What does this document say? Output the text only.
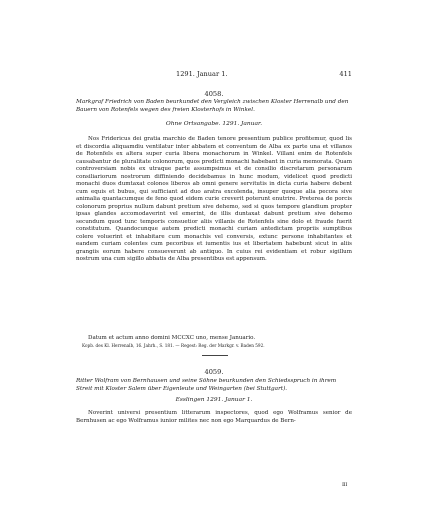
1291. Januar 1.	411
4058.
Markgraf Friedrich von Baden beurkundet den Vergleich zwischen Kloster Herrenalb und den Bauern von Rotenfels wegen des freien Klosterhofs in Winkel.
Ohne Ortsangabe. 1291. Januar.

Nos Fridericus dei gratia marchio de Baden tenore presentium publice profitemur, quod lis et discordia aliquamdiu ventilatur inter abbatem et conventum de Alba ex parte una et villanos de Rotenfels ex altera super curia libera monachorum in Winkel. Villani enim de Rotenfels causabantur de pluralitate colonorum, quos predicti monachi habebant in curia memorata. Quam controversiam nobis ex utraque parte assumpsimus et de consilio discretarum personarum consiliariorum nostrorum diffiniendo decidebamus in hunc modum, videlicet quod predicti monachi duos dumtaxat colonos liberos ab omni genere servitutis in dicta curia habere debent cum equis et bubus, qui sufficiant ad duo aratra excolenda, insuper quoque alia pecora sive animalia quantacumque de feno quod eidem curie creverit poterunt enutrire. Preterea de porcis colonorum proprius nullum dabunt pretium sive dehemo, sed si quos tempore glandium propter ipsas glandes accomodaverint vel emerint, de illis duntaxat dabunt pretium sive dehemo secundum quod tunc temporis consuetior aliis villanis de Rotenfels sine dolo et fraude fuerit constitutum. Quandocunque autem predicti monachi curiam antedictam propriis sumptibus colere voluerint et inhabitare cum monachis vel conversis, extunc persone inhabitantes et eandem curiam colentes cum pecoribus et iumentis ius et libertatem habebunt sicut in aliis grangiis eorum habere consueverunt ab antiquo. In cuius rei evidentiam et robur sigillum nostrum una cum sigillo abbatis de Alba presentibus est appensum.

Datum et actum anno domini MCCXC uno, mense Januario.
Kopb. des Kl. Herrenalb, 16. Jahrh., S. 181. — Regest: Reg. der Markgr. v. Baden 592.
4059.
Ritter Wolfram von Bernhausen und seine Söhne beurkunden den Schiedsspruch in ihrem Streit mit Kloster Salem über Eigenleute und Weingarten (bei Stuttgart).
Esslingen 1291. Januar 1.

Noverint universi presentium litterarum inspectores, quod ego Wolframus senior de Bernhusen ac ego Wolframus iunior milites nec non ego Marquardus de Bern-

ⅡⅠ
